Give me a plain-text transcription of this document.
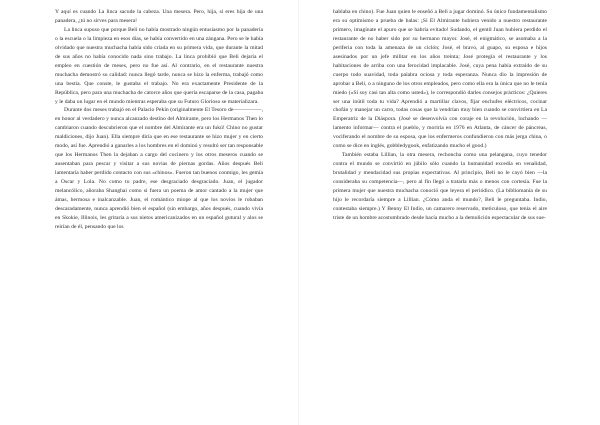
Y aquí es cuando La linca sacude la cabeza. Una mesera. Pero, hija, si eres hija de una panadera, ¿tú no sirves para mesera!

La linca supuso que porque Beli no había mostrado ningún entusiasmo por la panadería o la escuela o la limpieza en esos días, se había convertido en una zángana. Pero se le había olvidado que nuestra muchacha había sido criada en su primera vida, que durante la mitad de sus años no había conocido nada sino trabajo. La linca prohibió que Beli dejaría el empleo en cuestión de meses, pero no fue así. Al contrario, en el restaurante nuestra muchacha demostró su calidad: nunca llegó tarde, nunca se hizo la enferma, trabajó como una bestia. Que conste, le gustaba el trabajo. No era exactamente Presidente de la República, pero para una muchacha de catorce años que quería escaparse de la casa, pagaba y le daba un lugar en el mundo mientras esperaba que su Futuro Glorioso se materializara.

Durante dos meses trabajó en el Palacio Pekín (originalmente El Tesoro de—————, en honor al verdadero y nunca alcanzado destino del Almirante, pero los Hermanos Then lo cambiaron cuando descubrieron que el nombre del Almirante era un fukú! Chino no gustar maldiciones, dijo Juan). Ella siempre diría que en ese restaurante se hizo mujer y en cierto modo, así fue. Aprendió a ganarles a los hombres en el dominó y resultó ser tan responsable que los Hermanos Then la dejaban a cargo del cocinero y los otros meseros cuando se ausentaban para pescar y visitar a sus novias de piernas gordas. Años después Beli lamentaría haber perdido contacto con sus «chinos». Fueron tan buenos conmigo, les gemía a Oscar y Lola. No como tu padre, ese desgraciado desgraciado. Juan, el jugador melancólico, añoraba Shanghai como si fuera un poema de amor cantado a la mujer que ámas, hermosa e inalcanzable. Juan, el romántico miope al que los novios le robaban descaradamente, nunca aprendió bien el español (sin embargo, años después, cuando vivía en Skokie, Illinois, les gritaría a sus nietos americanizados en un español gutural y alos se reirían de él, pensando que los

hablaba en chino). Fue Juan quien le enseñó a Beli a jugar dominó. Su único fundamentalismo era su optimismo a prueba de balas: ¡Si El Almirante hubiera venido a nuestro restaurante primero, imagínate el apuro que se habría evitado! Sudando, el gentil Juan hubiera perdido el restaurante de no haber sido por su hermano mayor. José, el enigmático, se asomaba a la periferia con toda la amenaza de un ciclón; José, el bravo, al guapo, su esposa e hijos asesinados por un jefe militar en los años treinta; José protegía el restaurante y los habitaciones de arriba con una ferocidad implacable. José, cuya pena había extraído de su cuerpo todo suavidad, toda palabra ociosa y toda esperanza. Nunca dio la impresión de aprobar a Beli, o a ninguno de los otros empleados, pero como ella era la única que no le tenía miedo («Sí soy casi tan alta como usted»), le correspondió darles consejos prácticos: ¿Quieres ser una inútil toda tu vida? Aprendió a martillar clavos, fijar enchufes eléctricos, cocinar chofán y manejar un carro, todas cosas que la vendrían muy bien cuando se convirtiera en La Emperatriz de la Diáspora. (José se desenvolvía con coraje en la revolución, luchando —lamento informar— contra el pueblo, y moriría en 1976 en Atlanta, de cáncer de páncreas, vociferando el nombre de su esposa, que los enfermeros confundieron con más jerga china, o como se dice en inglés, gobbledygook, enfatizando mucho el good.)

También estaba Lillian, la otra mesera, rechoncha como una pelangana, cuyo tenedor contra el mundo se convirtió en júbilo sólo cuando la humanidad excedía en venalidad, brutalidad y mendacidad sus propias expectativas. Al principio, Beli no le cayó bien —la consideraba su competencia—, pero al fin llegó a tratarla más o menos con cortesía. Fue la primera mujer que nuestra muchacha conoció que leyera el periódico. (La bibliomanía de su hijo le recordaría siempre a Lillian. ¿Cómo anda el mundo?, Beli le preguntaba. Indio, contestaba siempre.) Y Benny El Indio, un camarero reservado, meticuloso, que tenía el aire triste de un hombre acostumbrado desde hacía mucho a la demolición espectacular de sus sue-
